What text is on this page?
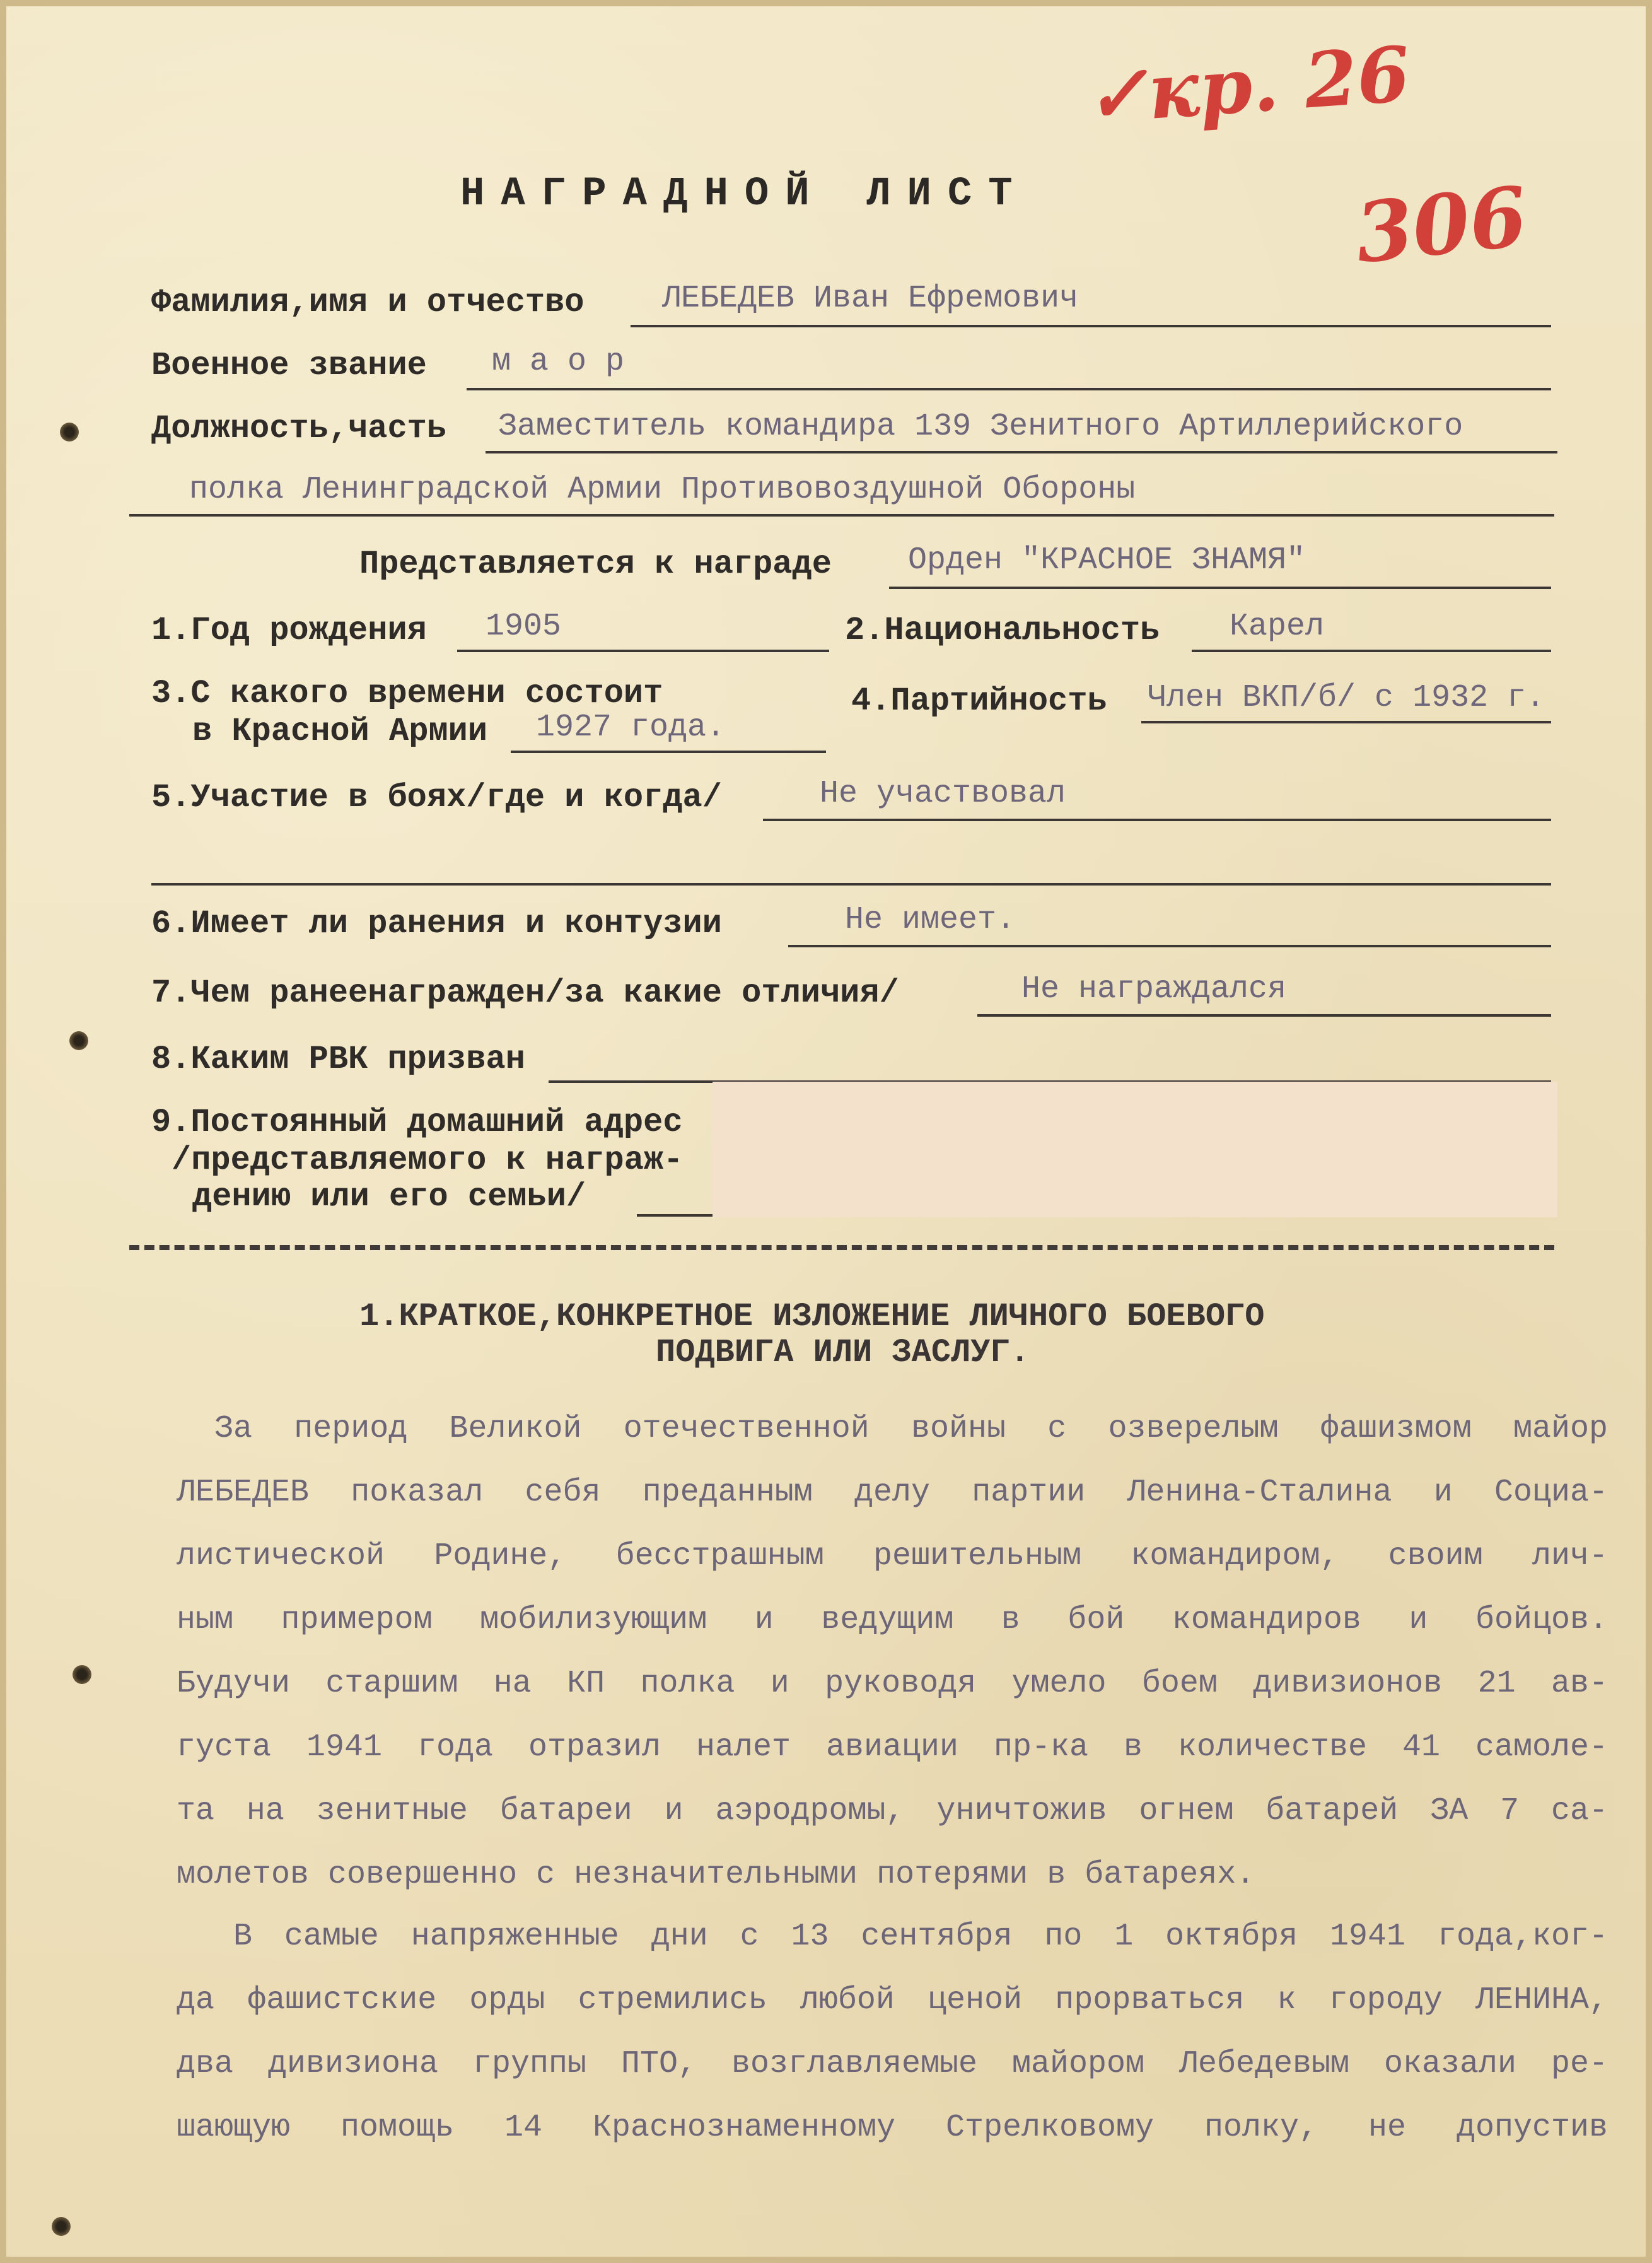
✓кр. 26
306
НАГРАДНОЙ ЛИСТ
Фамилия,имя и отчество ЛЕБЕДЕВ Иван Ефремович
Военное звание м а о р
Должность,часть Заместитель командира 139 Зенитного Артиллерийского
полка Ленинградской Армии Противовоздушной Обороны
Представляется к награде Орден "КРАСНОЕ ЗНАМЯ"
1.Год рождения 1905	2.Национальность Карел
3.С какого времени состоит
в Красной Армии 1927 года.
4.Партийность Член ВКП/б/ с 1932 г.
5.Участие в боях/где и когда/	Не участвовал
6.Имеет ли ранения и контузии	Не имеет.
7.Чем ранеенагражден/за какие отличия/	Не награждался
8.Каким РВК призван
9.Постоянный домашний адрес
/представляемого к награж-
дению или его семьи/
1.КРАТКОЕ,КОНКРЕТНОЕ ИЗЛОЖЕНИЕ ЛИЧНОГО БОЕВОГО
ПОДВИГА ИЛИ ЗАСЛУГ.

За период Великой отечественной войны с озверелым фашизмом майор

ЛЕБЕДЕВ показал себя преданным делу партии Ленина-Сталина и Социа-

листической Родине, бесстрашным решительным командиром, своим лич-

ным примером мобилизующим и ведущим в бой командиров и бойцов.

Будучи старшим на КП полка и руководя умело боем дивизионов 21 ав-

густа 1941 года отразил налет авиации пр-ка в количестве 41 самоле-

та на зенитные батареи и аэродромы, уничтожив огнем батарей ЗА 7 са-

молетов совершенно с незначительными потерями в батареях.

В самые напряженные дни с 13 сентября по 1 октября 1941 года,ког-

да фашистские орды стремились любой ценой прорваться к городу ЛЕНИНА,

два дивизиона группы ПТО, возглавляемые майором Лебедевым оказали ре-

шающую помощь 14 Краснознаменному Стрелковому полку, не допустив
